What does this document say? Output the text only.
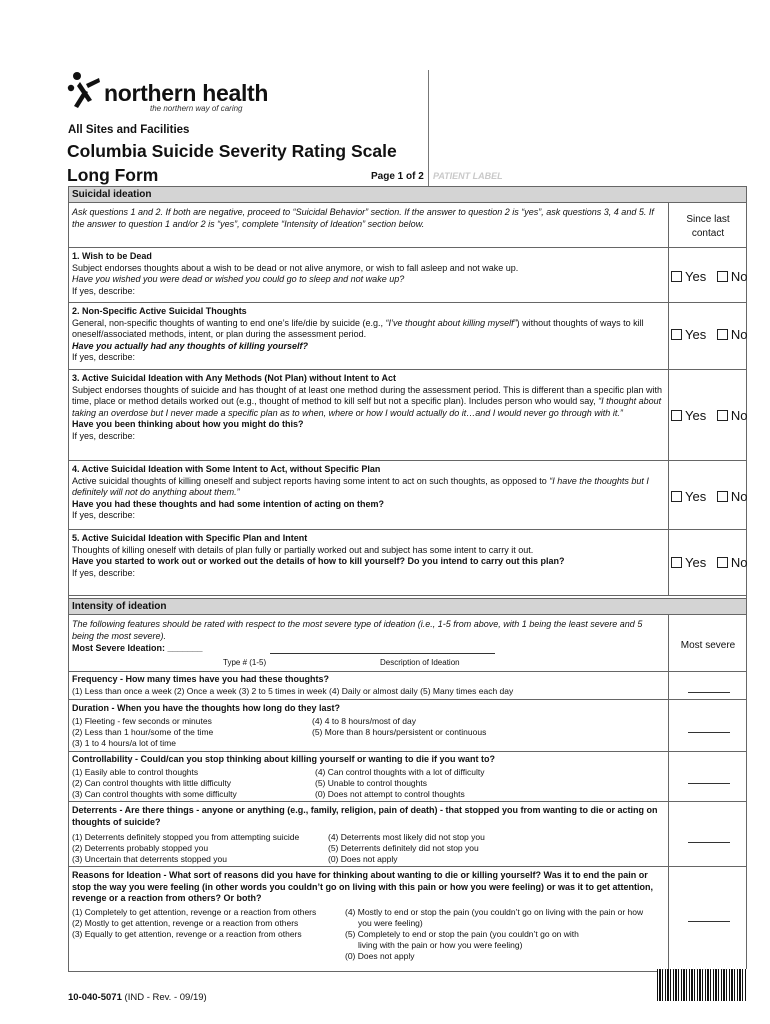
northern health
the northern way of caring
All Sites and Facilities
Columbia Suicide Severity Rating Scale
Long Form	Page 1 of 2 PATIENT LABEL
Suicidal ideation
Ask questions 1 and 2. If both are negative, proceed to “Suicidal Behavior” section. If the answer to question 2 is “yes”, ask questions 3, 4 and 5. If the answer to question 1 and/or 2 is “yes”, complete “Intensity of Ideation” section below.	Since last contact
1. Wish to be Dead
Subject endorses thoughts about a wish to be dead or not alive anymore, or wish to fall asleep and not wake up.
Have you wished you were dead or wished you could go to sleep and not wake up?
If yes, describe:
Yes No
2. Non-Specific Active Suicidal Thoughts
General, non-specific thoughts of wanting to end one’s life/die by suicide (e.g., “I’ve thought about killing myself”) without thoughts of ways to kill oneself/associated methods, intent, or plan during the assessment period.
Have you actually had any thoughts of killing yourself?
If yes, describe:
Yes No
3. Active Suicidal Ideation with Any Methods (Not Plan) without Intent to Act
Subject endorses thoughts of suicide and has thought of at least one method during the assessment period. This is different than a specific plan with time, place or method details worked out (e.g., thought of method to kill self but not a specific plan). Includes person who would say, “I thought about taking an overdose but I never made a specific plan as to when, where or how I would actually do it…and I would never go through with it.”
Have you been thinking about how you might do this?
If yes, describe:
Yes No
4. Active Suicidal Ideation with Some Intent to Act, without Specific Plan
Active suicidal thoughts of killing oneself and subject reports having some intent to act on such thoughts, as opposed to “I have the thoughts but I definitely will not do anything about them.”
Have you had these thoughts and had some intention of acting on them?
If yes, describe:
Yes No
5. Active Suicidal Ideation with Specific Plan and Intent
Thoughts of killing oneself with details of plan fully or partially worked out and subject has some intent to carry it out.
Have you started to work out or worked out the details of how to kill yourself? Do you intend to carry out this plan?
If yes, describe:
Yes No
Intensity of ideation
The following features should be rated with respect to the most severe type of ideation (i.e., 1-5 from above, with 1 being the least severe and 5 being the most severe).
Most Severe Ideation: _______
Type # (1-5)	Description of Ideation
Most severe
Frequency - How many times have you had these thoughts?
(1) Less than once a week (2) Once a week (3) 2 to 5 times in week (4) Daily or almost daily (5) Many times each day
Duration - When you have the thoughts how long do they last?
(1) Fleeting - few seconds or minutes
(2) Less than 1 hour/some of the time
(3) 1 to 4 hours/a lot of time
(4) 4 to 8 hours/most of day
(5) More than 8 hours/persistent or continuous
Controllability - Could/can you stop thinking about killing yourself or wanting to die if you want to?
(1) Easily able to control thoughts
(2) Can control thoughts with little difficulty
(3) Can control thoughts with some difficulty
(4) Can control thoughts with a lot of difficulty
(5) Unable to control thoughts
(0) Does not attempt to control thoughts
Deterrents - Are there things - anyone or anything (e.g., family, religion, pain of death) - that stopped you from wanting to die or acting on thoughts of suicide?
(1) Deterrents definitely stopped you from attempting suicide
(2) Deterrents probably stopped you
(3) Uncertain that deterrents stopped you
(4) Deterrents most likely did not stop you
(5) Deterrents definitely did not stop you
(0) Does not apply
Reasons for Ideation - What sort of reasons did you have for thinking about wanting to die or killing yourself? Was it to end the pain or stop the way you were feeling (in other words you couldn’t go on living with this pain or how you were feeling) or was it to get attention, revenge or a reaction from others? Or both?
(1) Completely to get attention, revenge or a reaction from others
(2) Mostly to get attention, revenge or a reaction from others
(3) Equally to get attention, revenge or a reaction from others
(4) Mostly to end or stop the pain (you couldn’t go on living with the pain or how
you were feeling)
(5) Completely to end or stop the pain (you couldn’t go on with
living with the pain or how you were feeling)
(0) Does not apply
10-040-5071 (IND - Rev. - 09/19)
